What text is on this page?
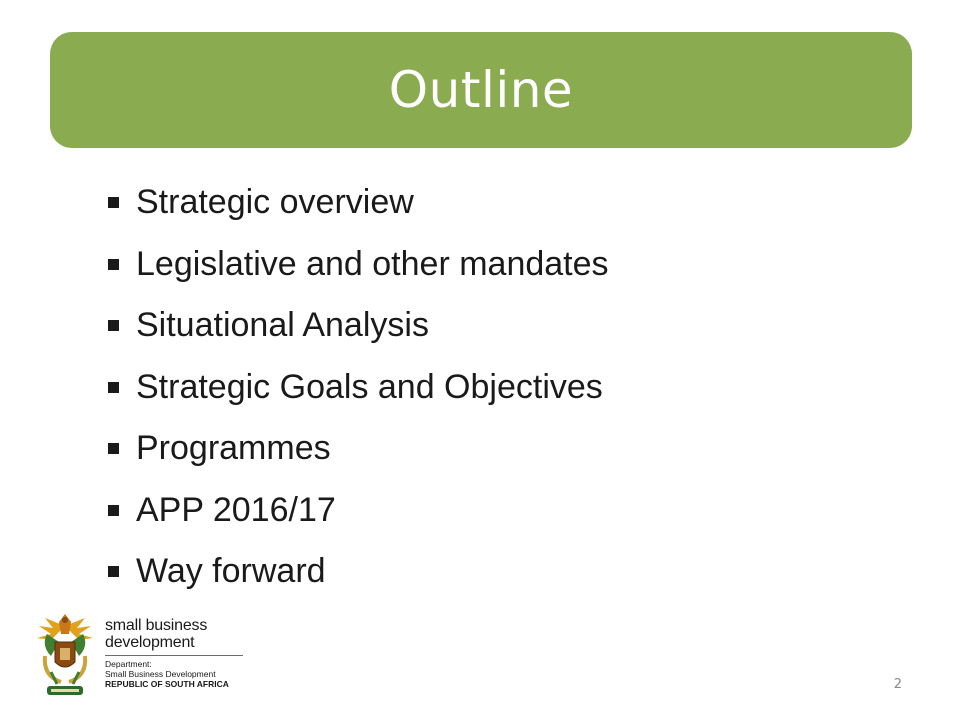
Outline
Strategic overview
Legislative and other mandates
Situational Analysis
Strategic Goals and Objectives
Programmes
APP 2016/17
Way forward
small business
development
Department:
Small Business Development
REPUBLIC OF SOUTH AFRICA	2
